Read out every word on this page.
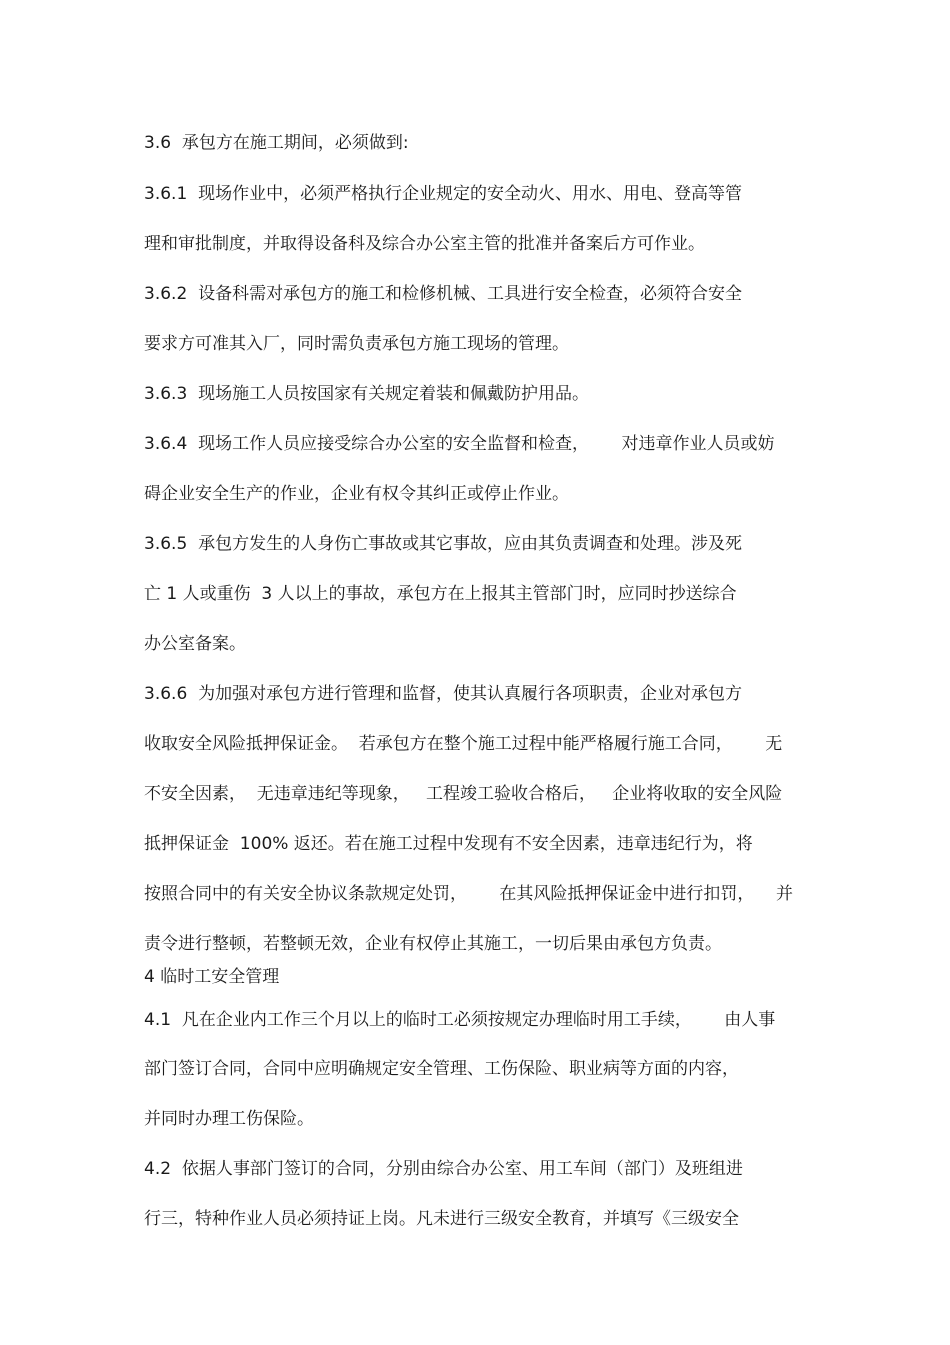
3.6  承包方在施工期间，必须做到:

3.6.1  现场作业中，必须严格执行企业规定的安全动火、用水、用电、登高等管

理和审批制度，并取得设备科及综合办公室主管的批准并备案后方可作业。

3.6.2  设备科需对承包方的施工和检修机械、工具进行安全检查，必须符合安全

要求方可准其入厂，同时需负责承包方施工现场的管理。

3.6.3  现场施工人员按国家有关规定着装和佩戴防护用品。

3.6.4  现场工作人员应接受综合办公室的安全监督和检查，      对违章作业人员或妨

碍企业安全生产的作业，企业有权令其纠正或停止作业。

3.6.5  承包方发生的人身伤亡事故或其它事故，应由其负责调查和处理。涉及死

亡 1 人或重伤  3 人以上的事故，承包方在上报其主管部门时，应同时抄送综合

办公室备案。

3.6.6  为加强对承包方进行管理和监督，使其认真履行各项职责，企业对承包方

收取安全风险抵押保证金。  若承包方在整个施工过程中能严格履行施工合同，      无

不安全因素，  无违章违纪等现象，   工程竣工验收合格后，   企业将收取的安全风险

抵押保证金  100% 返还。若在施工过程中发现有不安全因素，违章违纪行为，将

按照合同中的有关安全协议条款规定处罚，      在其风险抵押保证金中进行扣罚，    并

责令进行整顿，若整顿无效，企业有权停止其施工，一切后果由承包方负责。

4 临时工安全管理

4.1  凡在企业内工作三个月以上的临时工必须按规定办理临时用工手续，      由人事

部门签订合同，合同中应明确规定安全管理、工伤保险、职业病等方面的内容，

并同时办理工伤保险。

4.2  依据人事部门签订的合同，分别由综合办公室、用工车间（部门）及班组进

行三，特种作业人员必须持证上岗。凡未进行三级安全教育，并填写《三级安全
